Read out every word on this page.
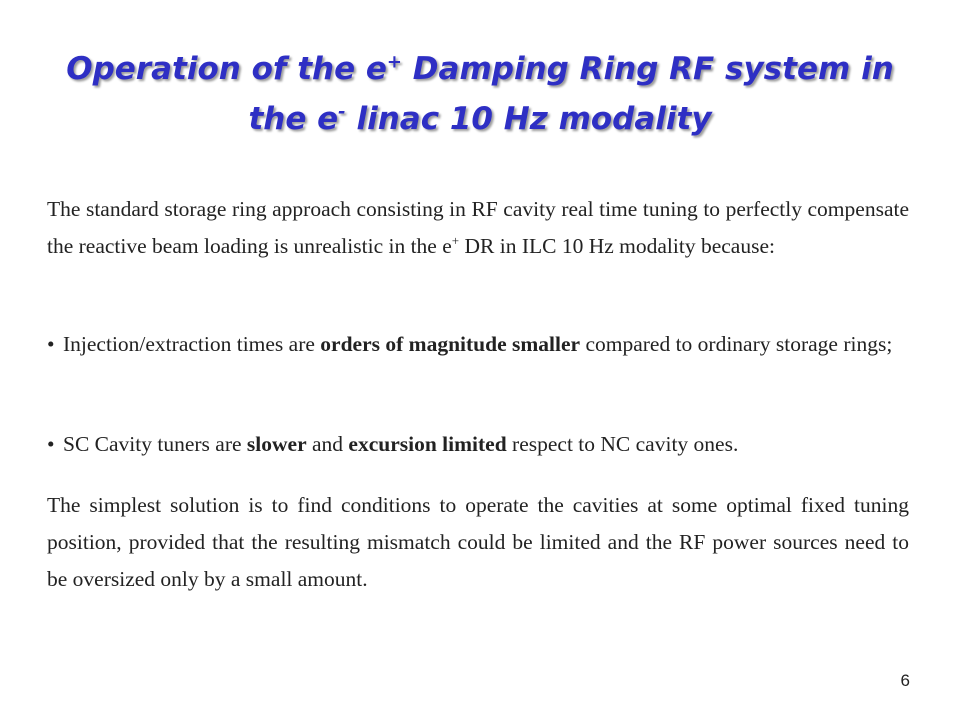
Operation of the e+ Damping Ring RF system in
the e- linac 10 Hz modality
The standard storage ring approach consisting in RF cavity real time tuning to perfectly compensate the reactive beam loading is unrealistic in the e+ DR in ILC 10 Hz modality because:
• Injection/extraction times are orders of magnitude smaller compared to ordinary storage rings;
• SC Cavity tuners are slower and excursion limited respect to NC cavity ones.
The simplest solution is to find conditions to operate the cavities at some optimal fixed tuning position, provided that the resulting mismatch could be limited and the RF power sources need to be oversized only by a small amount.
6
